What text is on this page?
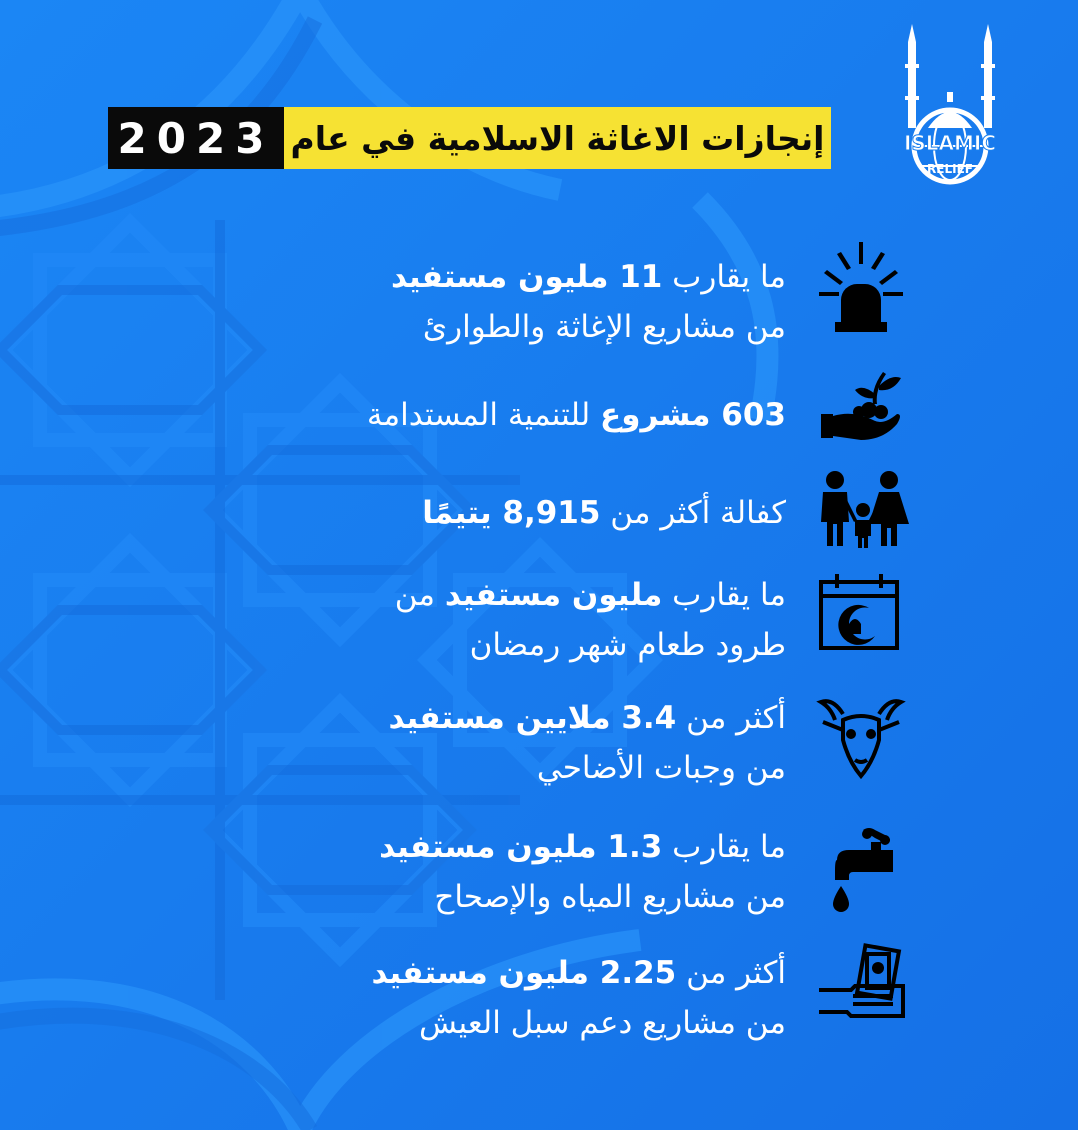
ISLAMIC
RELIEF
2023 إنجازات الاغاثة الاسلامية في عام
ما يقارب 11 مليون مستفيد
من مشاريع الإغاثة والطوارئ
603 مشروع للتنمية المستدامة
كفالة أكثر من 8,915 يتيمًا
ما يقارب مليون مستفيد من
طرود طعام شهر رمضان
أكثر من 3.4 ملايين مستفيد
من وجبات الأضاحي
ما يقارب 1.3 مليون مستفيد
من مشاريع المياه والإصحاح
أكثر من 2.25 مليون مستفيد
من مشاريع دعم سبل العيش
